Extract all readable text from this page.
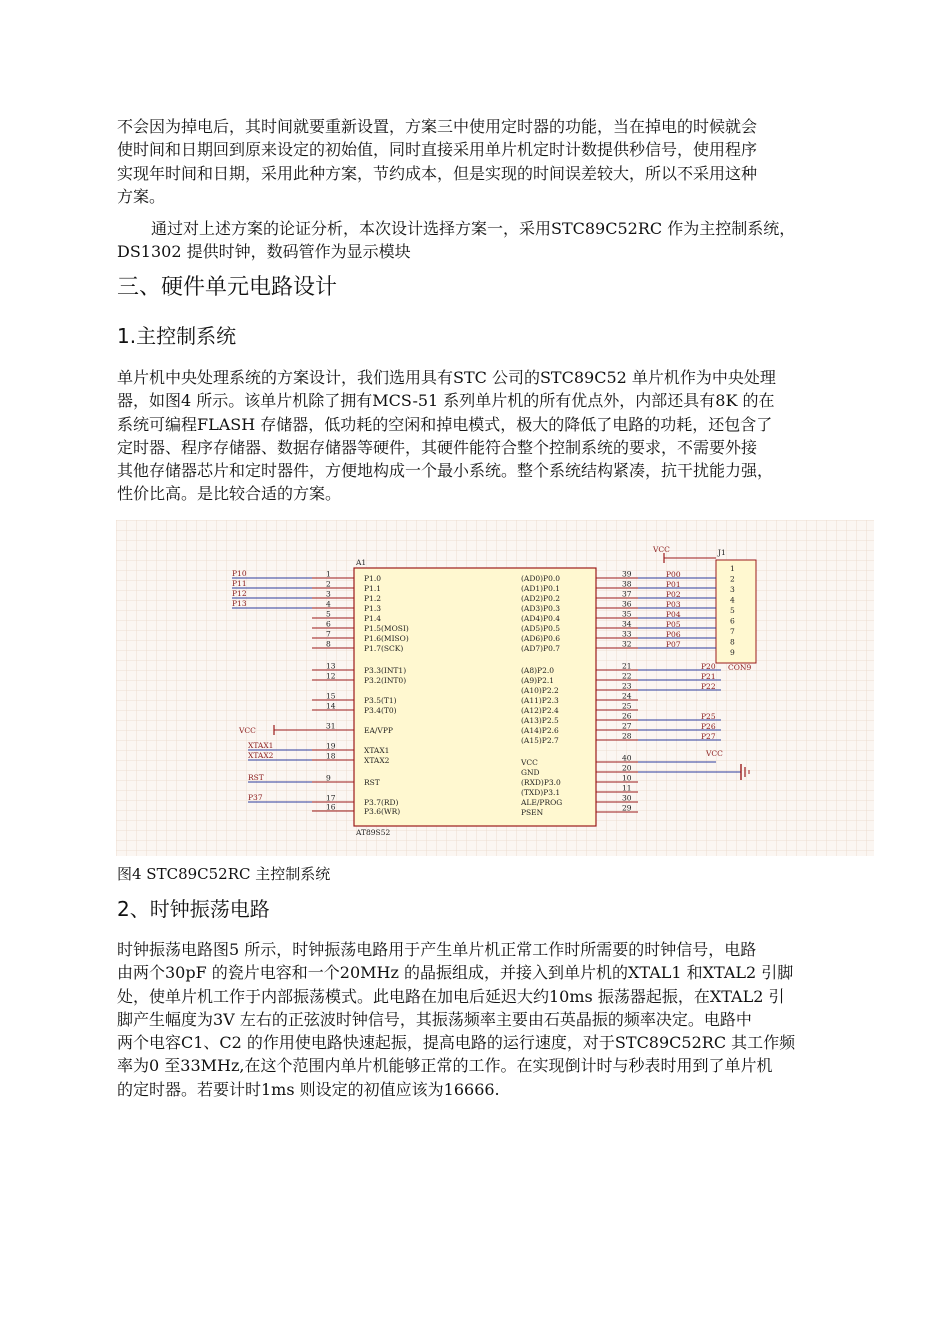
不会因为掉电后，其时间就要重新设置，方案三中使用定时器的功能，当在掉电的时候就会
使时间和日期回到原来设定的初始值，同时直接采用单片机定时计数提供秒信号，使用程序
实现年时间和日期，采用此种方案，节约成本，但是实现的时间误差较大，所以不采用这种
方案。
通过对上述方案的论证分析，本次设计选择方案一，采用STC89C52RC 作为主控制系统，
DS1302 提供时钟，数码管作为显示模块
三、硬件单元电路设计
1.主控制系统
单片机中央处理系统的方案设计，我们选用具有STC 公司的STC89C52 单片机作为中央处理
器，如图4 所示。该单片机除了拥有MCS-51 系列单片机的所有优点外，内部还具有8K 的在
系统可编程FLASH 存储器，低功耗的空闲和掉电模式，极大的降低了电路的功耗，还包含了
定时器、程序存储器、数据存储器等硬件，其硬件能符合整个控制系统的要求，不需要外接
其他存储器芯片和定时器件，方便地构成一个最小系统。整个系统结构紧凑，抗干扰能力强，
性价比高。是比较合适的方案。
A1
AT89S52
1	P1.0
P10
2	P1.1
P11
3	P1.2
P12
4	P1.3
P13
5	P1.4
6	P1.5(MOSI)
7	P1.6(MISO)
8	P1.7(SCK)
13	P3.3(INT1)
12	P3.2(INT0)
15	P3.5(T1)
14	P3.4(T0)
31	EA/VPP
VCC
19	XTAX1
XTAX1
18	XTAX2
XTAX2
9	RST
RST
17	P3.7(RD)
P37
16	P3.6(WR)
J1
1
2
3
4
5
6
7
8
9
CON9
VCC
39
(AD0)P0.0	P00
38
(AD1)P0.1	P01
37
(AD2)P0.2	P02
36
(AD3)P0.3	P03
35
(AD4)P0.4	P04
34
(AD5)P0.5	P05
33
(AD6)P0.6	P06
32
(AD7)P0.7	P07
21
(A8)P2.0	P20
22
(A9)P2.1	P21
23
(A10)P2.2	P22
24
(A11)P2.3
25
(A12)P2.4
26
(A13)P2.5	P25
27
(A14)P2.6	P26
28
(A15)P2.7	P27
40
VCC
VCC
20
GND
10
(RXD)P3.0
11
(TXD)P3.1
30
ALE/PROG
29
PSEN

图4 STC89C52RC 主控制系统

2、时钟振荡电路
时钟振荡电路图5 所示，时钟振荡电路用于产生单片机正常工作时所需要的时钟信号，电路
由两个30pF 的瓷片电容和一个20MHz 的晶振组成，并接入到单片机的XTAL1 和XTAL2 引脚
处，使单片机工作于内部振荡模式。此电路在加电后延迟大约10ms 振荡器起振，在XTAL2 引
脚产生幅度为3V 左右的正弦波时钟信号，其振荡频率主要由石英晶振的频率决定。电路中
两个电容C1、C2 的作用使电路快速起振，提高电路的运行速度，对于STC89C52RC 其工作频
率为0 至33MHz,在这个范围内单片机能够正常的工作。在实现倒计时与秒表时用到了单片机
的定时器。若要计时1ms 则设定的初值应该为16666.
